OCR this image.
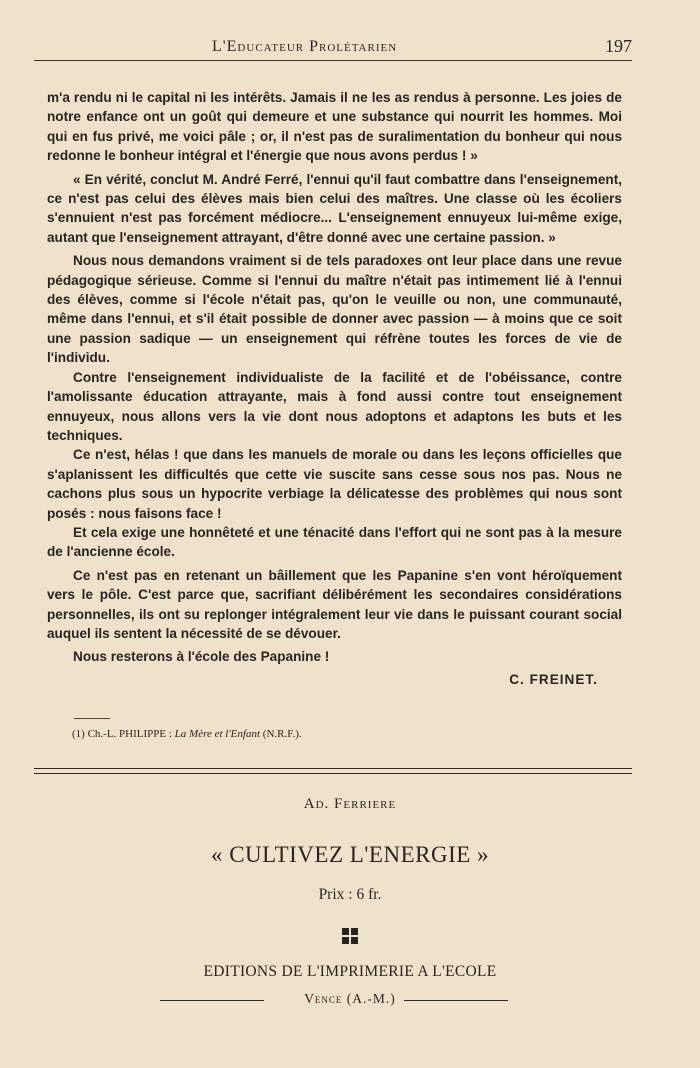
L'Educateur Prolétarien	197

m'a rendu ni le capital ni les intérêts. Jamais il ne les as rendus à personne. Les joies de notre enfance ont un goût qui demeure et une substance qui nourrit les hommes. Moi qui en fus privé, me voici pâle ; or, il n'est pas de suralimentation du bonheur qui nous redonne le bonheur intégral et l'énergie que nous avons perdus ! »

« En vérité, conclut M. André Ferré, l'ennui qu'il faut combattre dans l'enseignement, ce n'est pas celui des élèves mais bien celui des maîtres. Une classe où les écoliers s'ennuient n'est pas forcément médiocre... L'enseignement ennuyeux lui-même exige, autant que l'enseignement attrayant, d'être donné avec une certaine passion. »

Nous nous demandons vraiment si de tels paradoxes ont leur place dans une revue pédagogique sérieuse. Comme si l'ennui du maître n'était pas intimement lié à l'ennui des élèves, comme si l'école n'était pas, qu'on le veuille ou non, une communauté, même dans l'ennui, et s'il était possible de donner avec passion — à moins que ce soit une passion sadique — un enseignement qui réfrène toutes les forces de vie de l'individu.

Contre l'enseignement individualiste de la facilité et de l'obéissance, contre l'amolissante éducation attrayante, mais à fond aussi contre tout enseignement ennuyeux, nous allons vers la vie dont nous adoptons et adaptons les buts et les techniques.

Ce n'est, hélas ! que dans les manuels de morale ou dans les leçons officielles que s'aplanissent les difficultés que cette vie suscite sans cesse sous nos pas. Nous ne cachons plus sous un hypocrite verbiage la délicatesse des problèmes qui nous sont posés : nous faisons face !

Et cela exige une honnêteté et une ténacité dans l'effort qui ne sont pas à la mesure de l'ancienne école.

Ce n'est pas en retenant un bâillement que les Papanine s'en vont héroïquement vers le pôle. C'est parce que, sacrifiant délibérément les secondaires considérations personnelles, ils ont su replonger intégralement leur vie dans le puissant courant social auquel ils sentent la nécessité de se dévouer.

Nous resterons à l'école des Papanine !

C. FREINET.

(1) Ch.-L. PHILIPPE : La Mère et l'Enfant (N.R.F.).
Ad. Ferriere
« CULTIVEZ L'ENERGIE »
Prix : 6 fr.
EDITIONS DE L'IMPRIMERIE A L'ECOLE
Vence (A.-M.)
